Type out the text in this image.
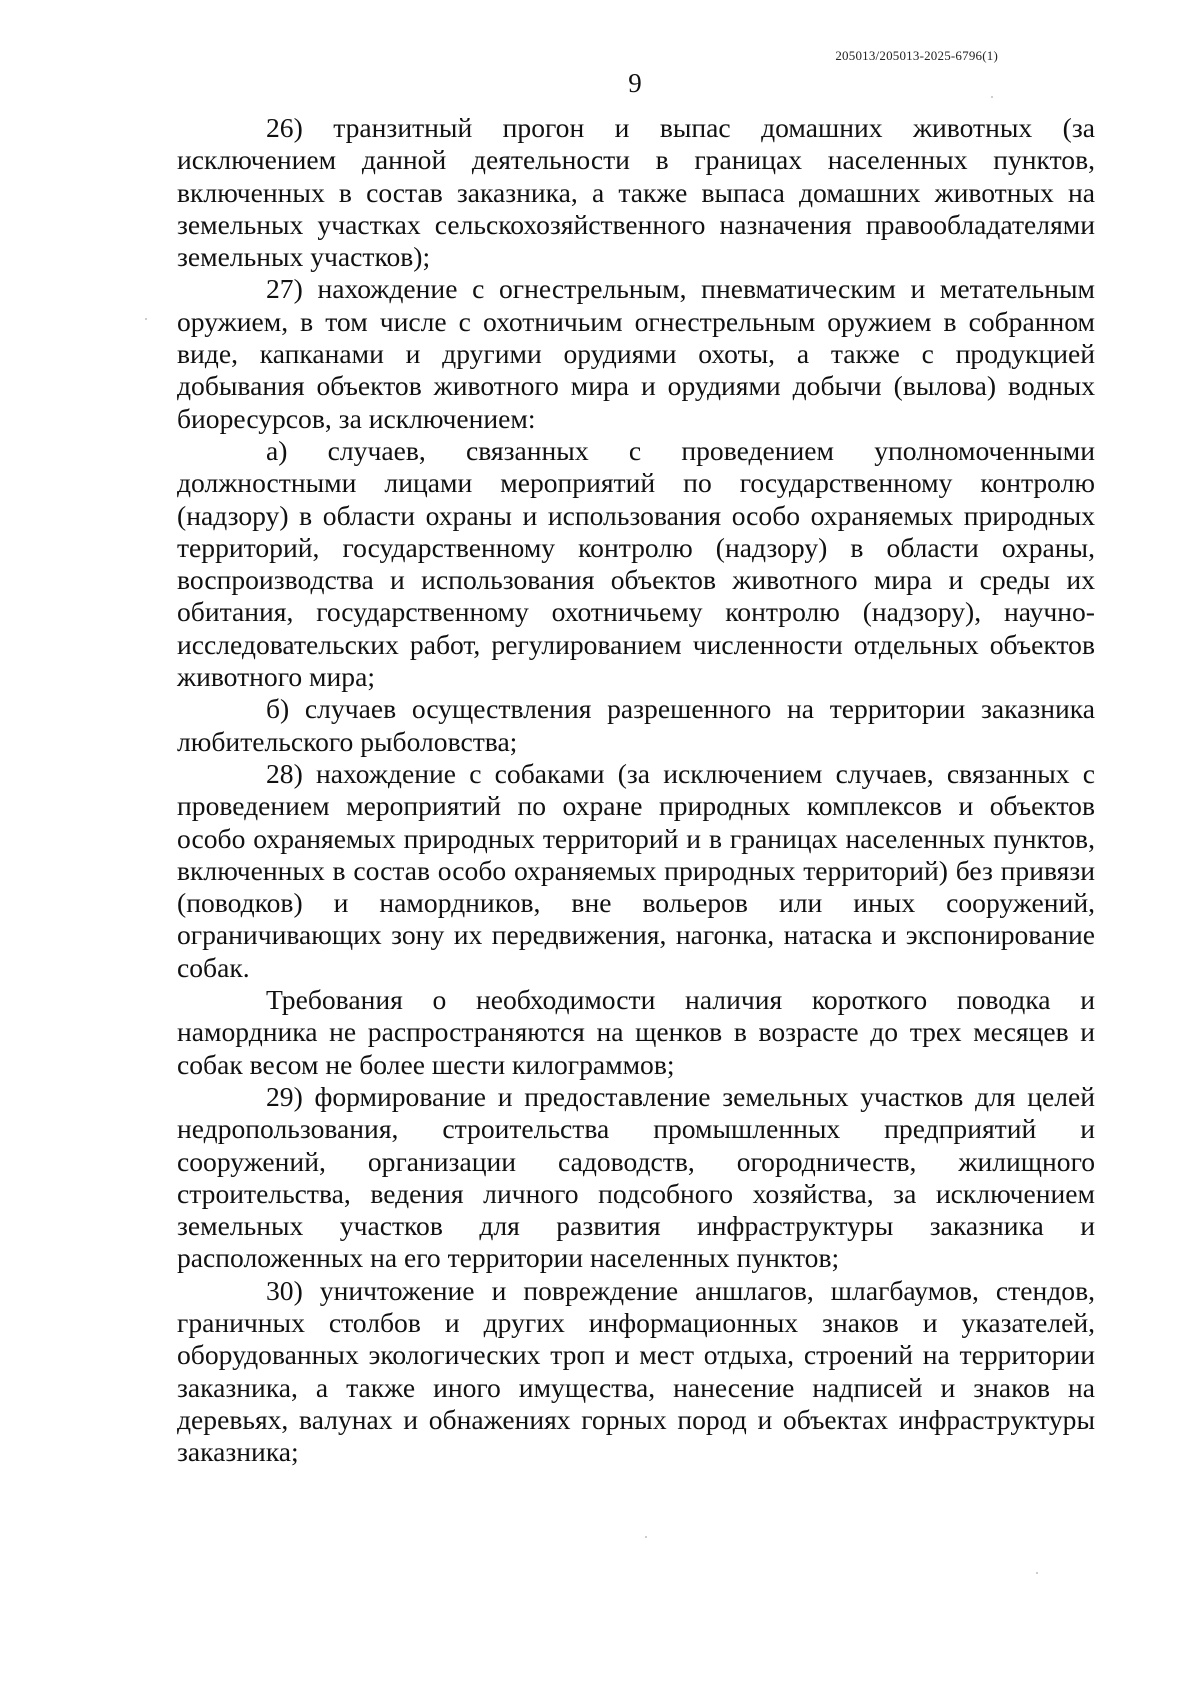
205013/205013-2025-6796(1)
9

26) транзитный прогон и выпас домашних животных (за исключением данной деятельности в границах населенных пунктов, включенных в состав заказника, а также выпаса домашних животных на земельных участках сельскохозяйственного назначения правообладателями земельных участков);

27) нахождение с огнестрельным, пневматическим и метательным оружием, в том числе с охотничьим огнестрельным оружием в собранном виде, капканами и другими орудиями охоты, а также с продукцией добывания объектов животного мира и орудиями добычи (вылова) водных биоресурсов, за исключением:

а) случаев, связанных с проведением уполномоченными должностными лицами мероприятий по государственному контролю (надзору) в области охраны и использования особо охраняемых природных территорий, государственному контролю (надзору) в области охраны, воспроизводства и использования объектов животного мира и среды их обитания, государственному охотничьему контролю (надзору), научно- исследовательских работ, регулированием численности отдельных объектов животного мира;

б) случаев осуществления разрешенного на территории заказника любительского рыболовства;

28) нахождение с собаками (за исключением случаев, связанных с проведением мероприятий по охране природных комплексов и объектов особо охраняемых природных территорий и в границах населенных пунктов, включенных в состав особо охраняемых природных территорий) без привязи (поводков) и намордников, вне вольеров или иных сооружений, ограничивающих зону их передвижения, нагонка, натаска и экспонирование собак.

Требования о необходимости наличия короткого поводка и намордника не распространяются на щенков в возрасте до трех месяцев и собак весом не более шести килограммов;

29) формирование и предоставление земельных участков для целей недропользования, строительства промышленных предприятий и сооружений, организации садоводств, огородничеств, жилищного строительства, ведения личного подсобного хозяйства, за исключением земельных участков для развития инфраструктуры заказника и расположенных на его территории населенных пунктов;

30) уничтожение и повреждение аншлагов, шлагбаумов, стендов, граничных столбов и других информационных знаков и указателей, оборудованных экологических троп и мест отдыха, строений на территории заказника, а также иного имущества, нанесение надписей и знаков на деревьях, валунах и обнажениях горных пород и объектах инфраструктуры заказника;
